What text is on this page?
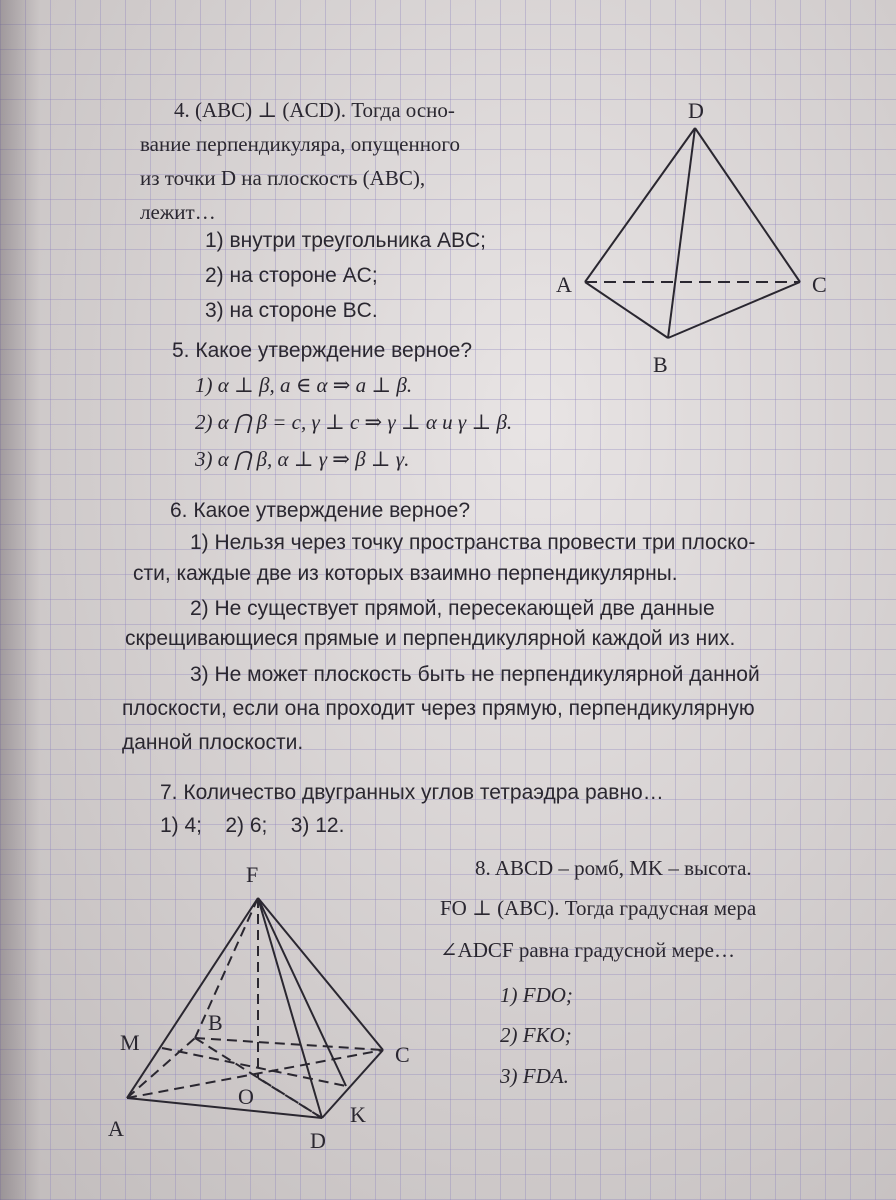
4. (ABC) ⊥ (ACD). Тогда осно-
вание перпендикуляра, опущенного
из точки D на плоскость (ABC),
лежит…
1) внутри треугольника ABC;
2) на стороне AC;
3) на стороне BC.
D
A	C
B
5. Какое утверждение верное?
1) α ⊥ β, a ∈ α ⇒ a ⊥ β.
2) α ⋂ β = c, γ ⊥ c ⇒ γ ⊥ α и γ ⊥ β.
3) α ⋂ β, α ⊥ γ ⇒ β ⊥ γ.
6. Какое утверждение верное?
1) Нельзя через точку пространства провести три плоско-
сти, каждые две из которых взаимно перпендикулярны.
2) Не существует прямой, пересекающей две данные
скрещивающиеся прямые и перпендикулярной каждой из них.
3) Не может плоскость быть не перпендикулярной данной
плоскости, если она проходит через прямую, перпендикулярную
данной плоскости.
7. Количество двугранных углов тетраэдра равно…
1) 4;    2) 6;    3) 12.
8. ABCD – ромб, MK – высота.
FO ⊥ (ABC). Тогда градусная мера
∠ADCF равна градусной мере…
1) FDO;
2) FKO;
3) FDA.
F
M
B
C
O
A	D
K
